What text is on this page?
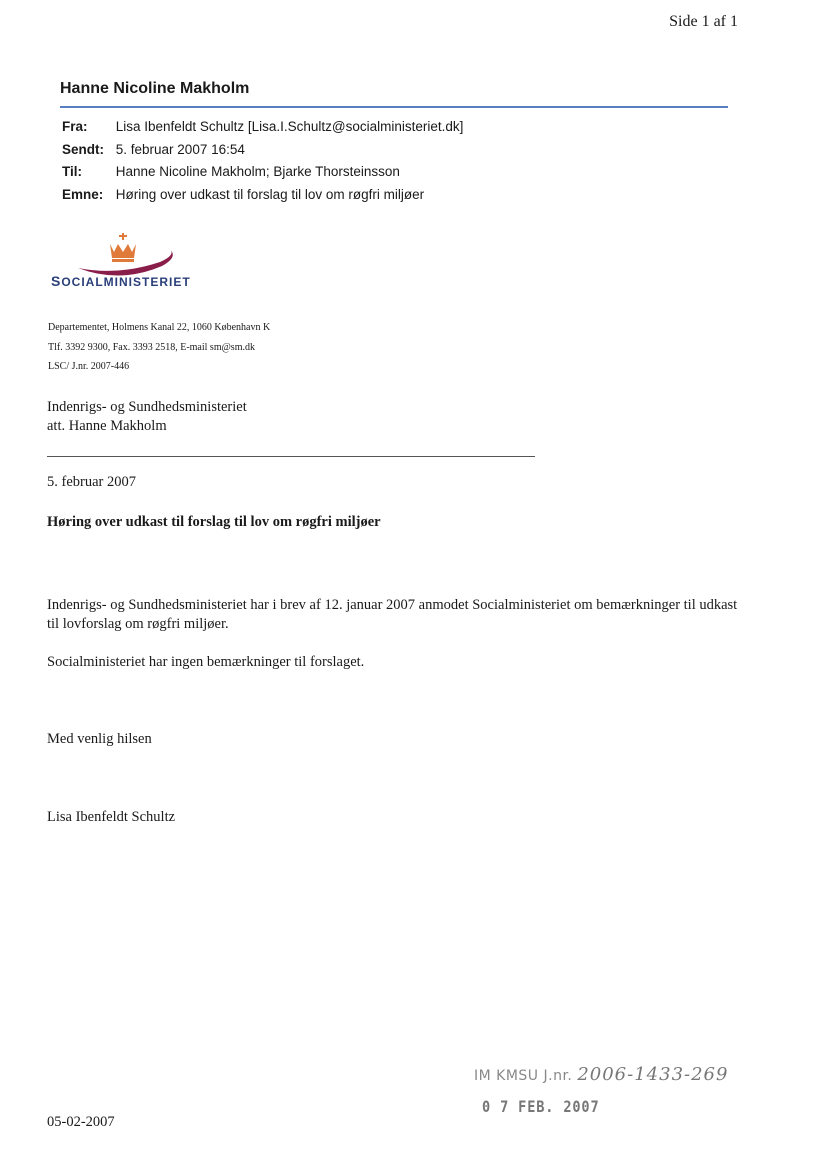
Side 1 af 1
Hanne Nicoline Makholm
Fra: Lisa Ibenfeldt Schultz [Lisa.I.Schultz@socialministeriet.dk]
Sendt: 5. februar 2007 16:54
Til:	Hanne Nicoline Makholm; Bjarke Thorsteinsson
Emne: Høring over udkast til forslag til lov om røgfri miljøer
SOCIALMINISTERIET
Departementet, Holmens Kanal 22, 1060 København K
Tlf. 3392 9300, Fax. 3393 2518, E-mail sm@sm.dk
LSC/ J.nr. 2007-446
Indenrigs- og Sundhedsministeriet
att. Hanne Makholm
5. februar 2007
Høring over udkast til forslag til lov om røgfri miljøer
Indenrigs- og Sundhedsministeriet har i brev af 12. januar 2007 anmodet Socialministeriet om bemærkninger til udkast til lovforslag om røgfri miljøer.
Socialministeriet har ingen bemærkninger til forslaget.
Med venlig hilsen
Lisa Ibenfeldt Schultz
IM KMSU J.nr. 2006-1433-269
0 7 FEB. 2007
05-02-2007
